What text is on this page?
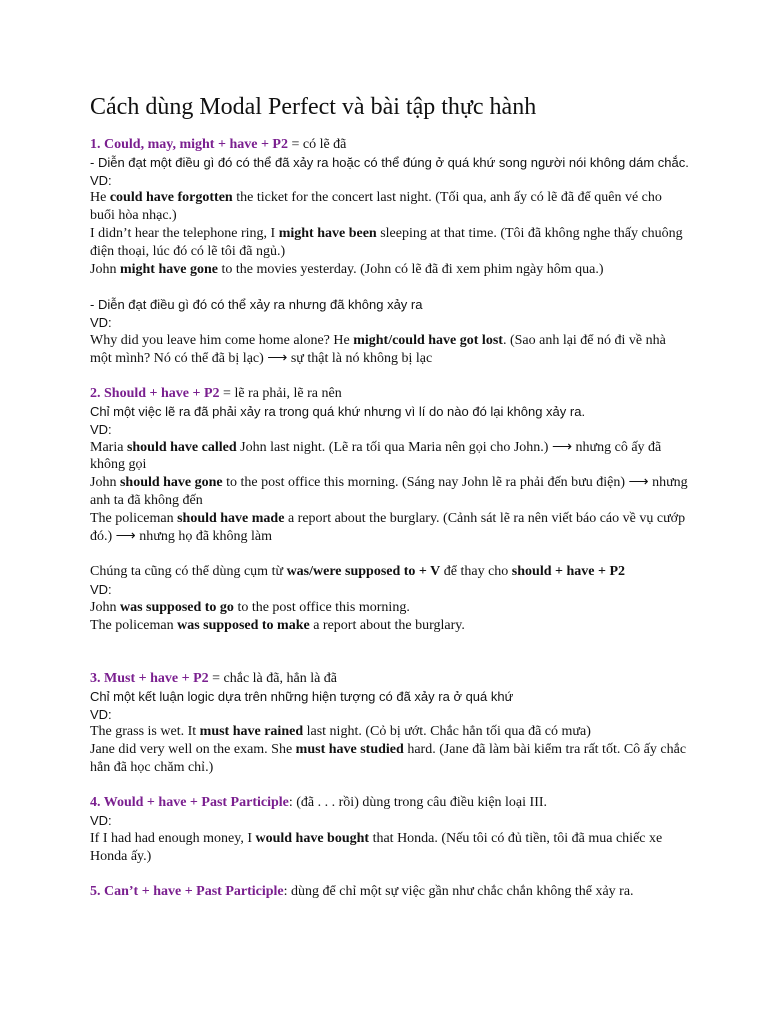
Cách dùng Modal Perfect và bài tập thực hành

1. Could, may, might + have + P2 = có lẽ đã

- Diễn đạt một điều gì đó có thể đã xảy ra hoặc có thể đúng ở quá khứ song người nói không dám chắc.

VD:

He could have forgotten the ticket for the concert last night. (Tối qua, anh ấy có lẽ đã để quên vé cho buổi hòa nhạc.)

I didn’t hear the telephone ring, I might have been sleeping at that time. (Tôi đã không nghe thấy chuông điện thoại, lúc đó có lẽ tôi đã ngủ.)

John might have gone to the movies yesterday. (John có lẽ đã đi xem phim ngày hôm qua.)

- Diễn đạt điều gì đó có thể xảy ra nhưng đã không xảy ra

VD:

Why did you leave him come home alone? He might/could have got lost. (Sao anh lại để nó đi về nhà một mình? Nó có thể đã bị lạc) ⟶ sự thật là nó không bị lạc

2. Should + have + P2 = lẽ ra phải, lẽ ra nên

Chỉ một việc lẽ ra đã phải xảy ra trong quá khứ nhưng vì lí do nào đó lại không xảy ra.

VD:

Maria should have called John last night. (Lẽ ra tối qua Maria nên gọi cho John.) ⟶ nhưng cô ấy đã không gọi

John should have gone to the post office this morning. (Sáng nay John lẽ ra phải đến bưu điện) ⟶ nhưng anh ta đã không đến

The policeman should have made a report about the burglary. (Cảnh sát lẽ ra nên viết báo cáo về vụ cướp đó.) ⟶ nhưng họ đã không làm

Chúng ta cũng có thể dùng cụm từ was/were supposed to + V để thay cho should + have + P2

VD:

John was supposed to go to the post office this morning.

The policeman was supposed to make a report about the burglary.

3. Must + have + P2 = chắc là đã, hẳn là đã

Chỉ một kết luận logic dựa trên những hiện tượng có đã xảy ra ở quá khứ

VD:

The grass is wet. It must have rained last night. (Cỏ bị ướt. Chắc hẳn tối qua đã có mưa)

Jane did very well on the exam. She must have studied hard. (Jane đã làm bài kiểm tra rất tốt. Cô ấy chắc hẳn đã học chăm chỉ.)

4. Would + have + Past Participle: (đã . . . rồi) dùng trong câu điều kiện loại III.

VD:

If I had had enough money, I would have bought that Honda. (Nếu tôi có đủ tiền, tôi đã mua chiếc xe Honda ấy.)

5. Can’t + have + Past Participle: dùng để chỉ một sự việc gần như chắc chắn không thể xảy ra.
